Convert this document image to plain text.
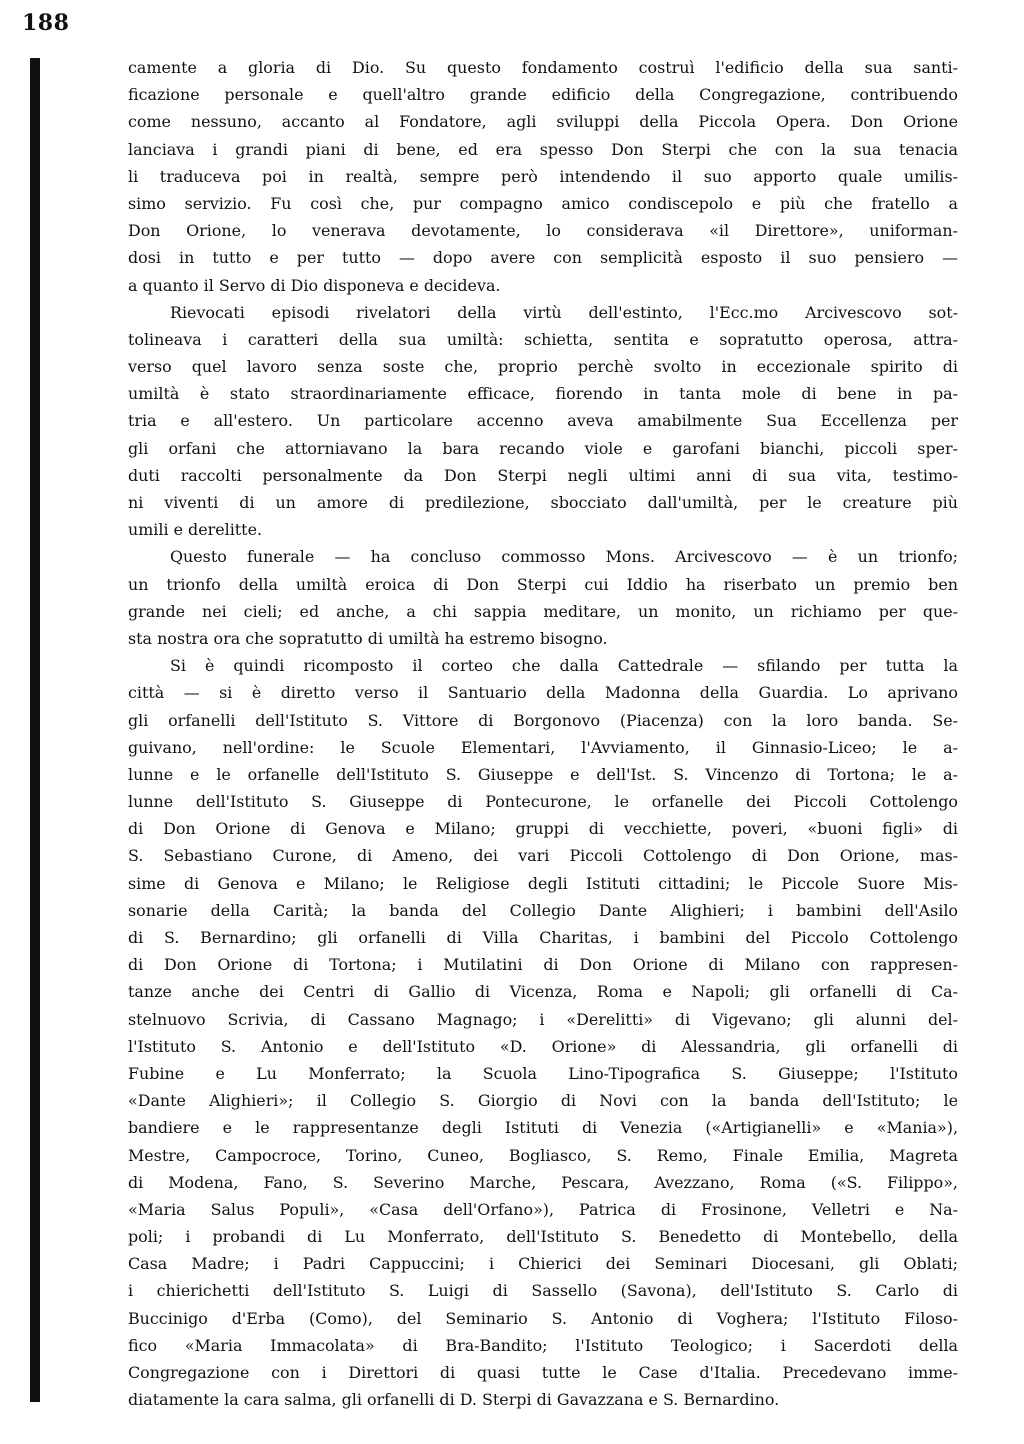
188
camente a gloria di Dio. Su questo fondamento costruì l'edificio della sua santi-
ficazione personale e quell'altro grande edificio della Congregazione, contribuendo
come nessuno, accanto al Fondatore, agli sviluppi della Piccola Opera. Don Orione
lanciava i grandi piani di bene, ed era spesso Don Sterpi che con la sua tenacia
li traduceva poi in realtà, sempre però intendendo il suo apporto quale umilis-
simo servizio. Fu così che, pur compagno amico condiscepolo e più che fratello a
Don Orione, lo venerava devotamente, lo considerava «il Direttore», uniforman-
dosi in tutto e per tutto — dopo avere con semplicità esposto il suo pensiero —
a quanto il Servo di Dio disponeva e decideva.
Rievocati episodi rivelatori della virtù dell'estinto, l'Ecc.mo Arcivescovo sot-
tolineava i caratteri della sua umiltà: schietta, sentita e sopratutto operosa, attra-
verso quel lavoro senza soste che, proprio perchè svolto in eccezionale spirito di
umiltà è stato straordinariamente efficace, fiorendo in tanta mole di bene in pa-
tria e all'estero. Un particolare accenno aveva amabilmente Sua Eccellenza per
gli orfani che attorniavano la bara recando viole e garofani bianchi, piccoli sper-
duti raccolti personalmente da Don Sterpi negli ultimi anni di sua vita, testimo-
ni viventi di un amore di predilezione, sbocciato dall'umiltà, per le creature più
umili e derelitte.
Questo funerale — ha concluso commosso Mons. Arcivescovo — è un trionfo;
un trionfo della umiltà eroica di Don Sterpi cui Iddio ha riserbato un premio ben
grande nei cieli; ed anche, a chi sappia meditare, un monito, un richiamo per que-
sta nostra ora che sopratutto di umiltà ha estremo bisogno.
Si è quindi ricomposto il corteo che dalla Cattedrale — sfilando per tutta la
città — si è diretto verso il Santuario della Madonna della Guardia. Lo aprivano
gli orfanelli dell'Istituto S. Vittore di Borgonovo (Piacenza) con la loro banda. Se-
guivano, nell'ordine: le Scuole Elementari, l'Avviamento, il Ginnasio-Liceo; le a-
lunne e le orfanelle dell'Istituto S. Giuseppe e dell'Ist. S. Vincenzo di Tortona; le a-
lunne dell'Istituto S. Giuseppe di Pontecurone, le orfanelle dei Piccoli Cottolengo
di Don Orione di Genova e Milano; gruppi di vecchiette, poveri, «buoni figli» di
S. Sebastiano Curone, di Ameno, dei vari Piccoli Cottolengo di Don Orione, mas-
sime di Genova e Milano; le Religiose degli Istituti cittadini; le Piccole Suore Mis-
sonarie della Carità; la banda del Collegio Dante Alighieri; i bambini dell'Asilo
di S. Bernardino; gli orfanelli di Villa Charitas, i bambini del Piccolo Cottolengo
di Don Orione di Tortona; i Mutilatini di Don Orione di Milano con rappresen-
tanze anche dei Centri di Gallio di Vicenza, Roma e Napoli; gli orfanelli di Ca-
stelnuovo Scrivia, di Cassano Magnago; i «Derelitti» di Vigevano; gli alunni del-
l'Istituto S. Antonio e dell'Istituto «D. Orione» di Alessandria, gli orfanelli di
Fubine e Lu Monferrato; la Scuola Lino-Tipografica S. Giuseppe; l'Istituto
«Dante Alighieri»; il Collegio S. Giorgio di Novi con la banda dell'Istituto; le
bandiere e le rappresentanze degli Istituti di Venezia («Artigianelli» e «Mania»),
Mestre, Campocroce, Torino, Cuneo, Bogliasco, S. Remo, Finale Emilia, Magreta
di Modena, Fano, S. Severino Marche, Pescara, Avezzano, Roma («S. Filippo»,
«Maria Salus Populi», «Casa dell'Orfano»), Patrica di Frosinone, Velletri e Na-
poli; i probandi di Lu Monferrato, dell'Istituto S. Benedetto di Montebello, della
Casa Madre; i Padri Cappuccini; i Chierici dei Seminari Diocesani, gli Oblati;
i chierichetti dell'Istituto S. Luigi di Sassello (Savona), dell'Istituto S. Carlo di
Buccinigo d'Erba (Como), del Seminario S. Antonio di Voghera; l'Istituto Filoso-
fico «Maria Immacolata» di Bra-Bandito; l'Istituto Teologico; i Sacerdoti della
Congregazione con i Direttori di quasi tutte le Case d'Italia. Precedevano imme-
diatamente la cara salma, gli orfanelli di D. Sterpi di Gavazzana e S. Bernardino.
